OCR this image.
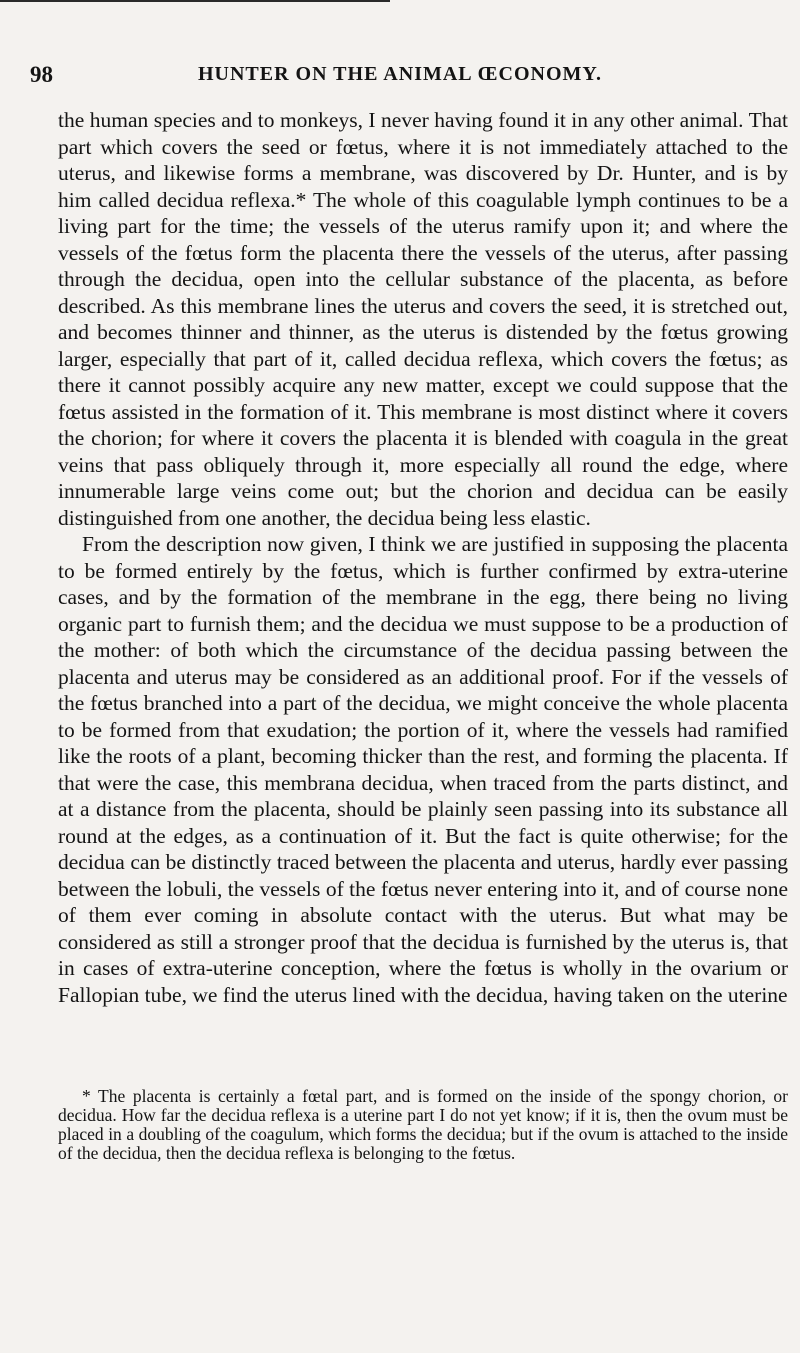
98	HUNTER ON THE ANIMAL ŒCONOMY.

the human species and to monkeys, I never having found it in any other animal. That part which covers the seed or fœtus, where it is not immediately attached to the uterus, and likewise forms a membrane, was discovered by Dr. Hunter, and is by him called decidua reflexa.* The whole of this coagulable lymph continues to be a living part for the time; the vessels of the uterus ramify upon it; and where the vessels of the fœtus form the placenta there the vessels of the uterus, after passing through the decidua, open into the cellular substance of the placenta, as before described. As this membrane lines the uterus and covers the seed, it is stretched out, and becomes thinner and thinner, as the uterus is distended by the fœtus growing larger, especially that part of it, called decidua reflexa, which covers the fœtus; as there it cannot possibly acquire any new matter, except we could suppose that the fœtus assisted in the formation of it. This membrane is most distinct where it covers the chorion; for where it covers the placenta it is blended with coagula in the great veins that pass obliquely through it, more especially all round the edge, where innumerable large veins come out; but the chorion and decidua can be easily distinguished from one another, the decidua being less elastic.

From the description now given, I think we are justified in supposing the placenta to be formed entirely by the fœtus, which is further confirmed by extra-uterine cases, and by the formation of the membrane in the egg, there being no living organic part to furnish them; and the decidua we must suppose to be a production of the mother: of both which the circumstance of the decidua passing between the placenta and uterus may be considered as an additional proof. For if the vessels of the fœtus branched into a part of the decidua, we might conceive the whole placenta to be formed from that exudation; the portion of it, where the vessels had ramified like the roots of a plant, becoming thicker than the rest, and forming the placenta. If that were the case, this membrana decidua, when traced from the parts distinct, and at a distance from the placenta, should be plainly seen passing into its substance all round at the edges, as a continuation of it. But the fact is quite otherwise; for the decidua can be distinctly traced between the placenta and uterus, hardly ever passing between the lobuli, the vessels of the fœtus never entering into it, and of course none of them ever coming in absolute contact with the uterus. But what may be considered as still a stronger proof that the decidua is furnished by the uterus is, that in cases of extra-uterine conception, where the fœtus is wholly in the ovarium or Fallopian tube, we find the uterus lined with the decidua, having taken on the uterine

* The placenta is certainly a fœtal part, and is formed on the inside of the spongy chorion, or decidua. How far the decidua reflexa is a uterine part I do not yet know; if it is, then the ovum must be placed in a doubling of the coagulum, which forms the decidua; but if the ovum is attached to the inside of the decidua, then the decidua reflexa is belonging to the fœtus.
